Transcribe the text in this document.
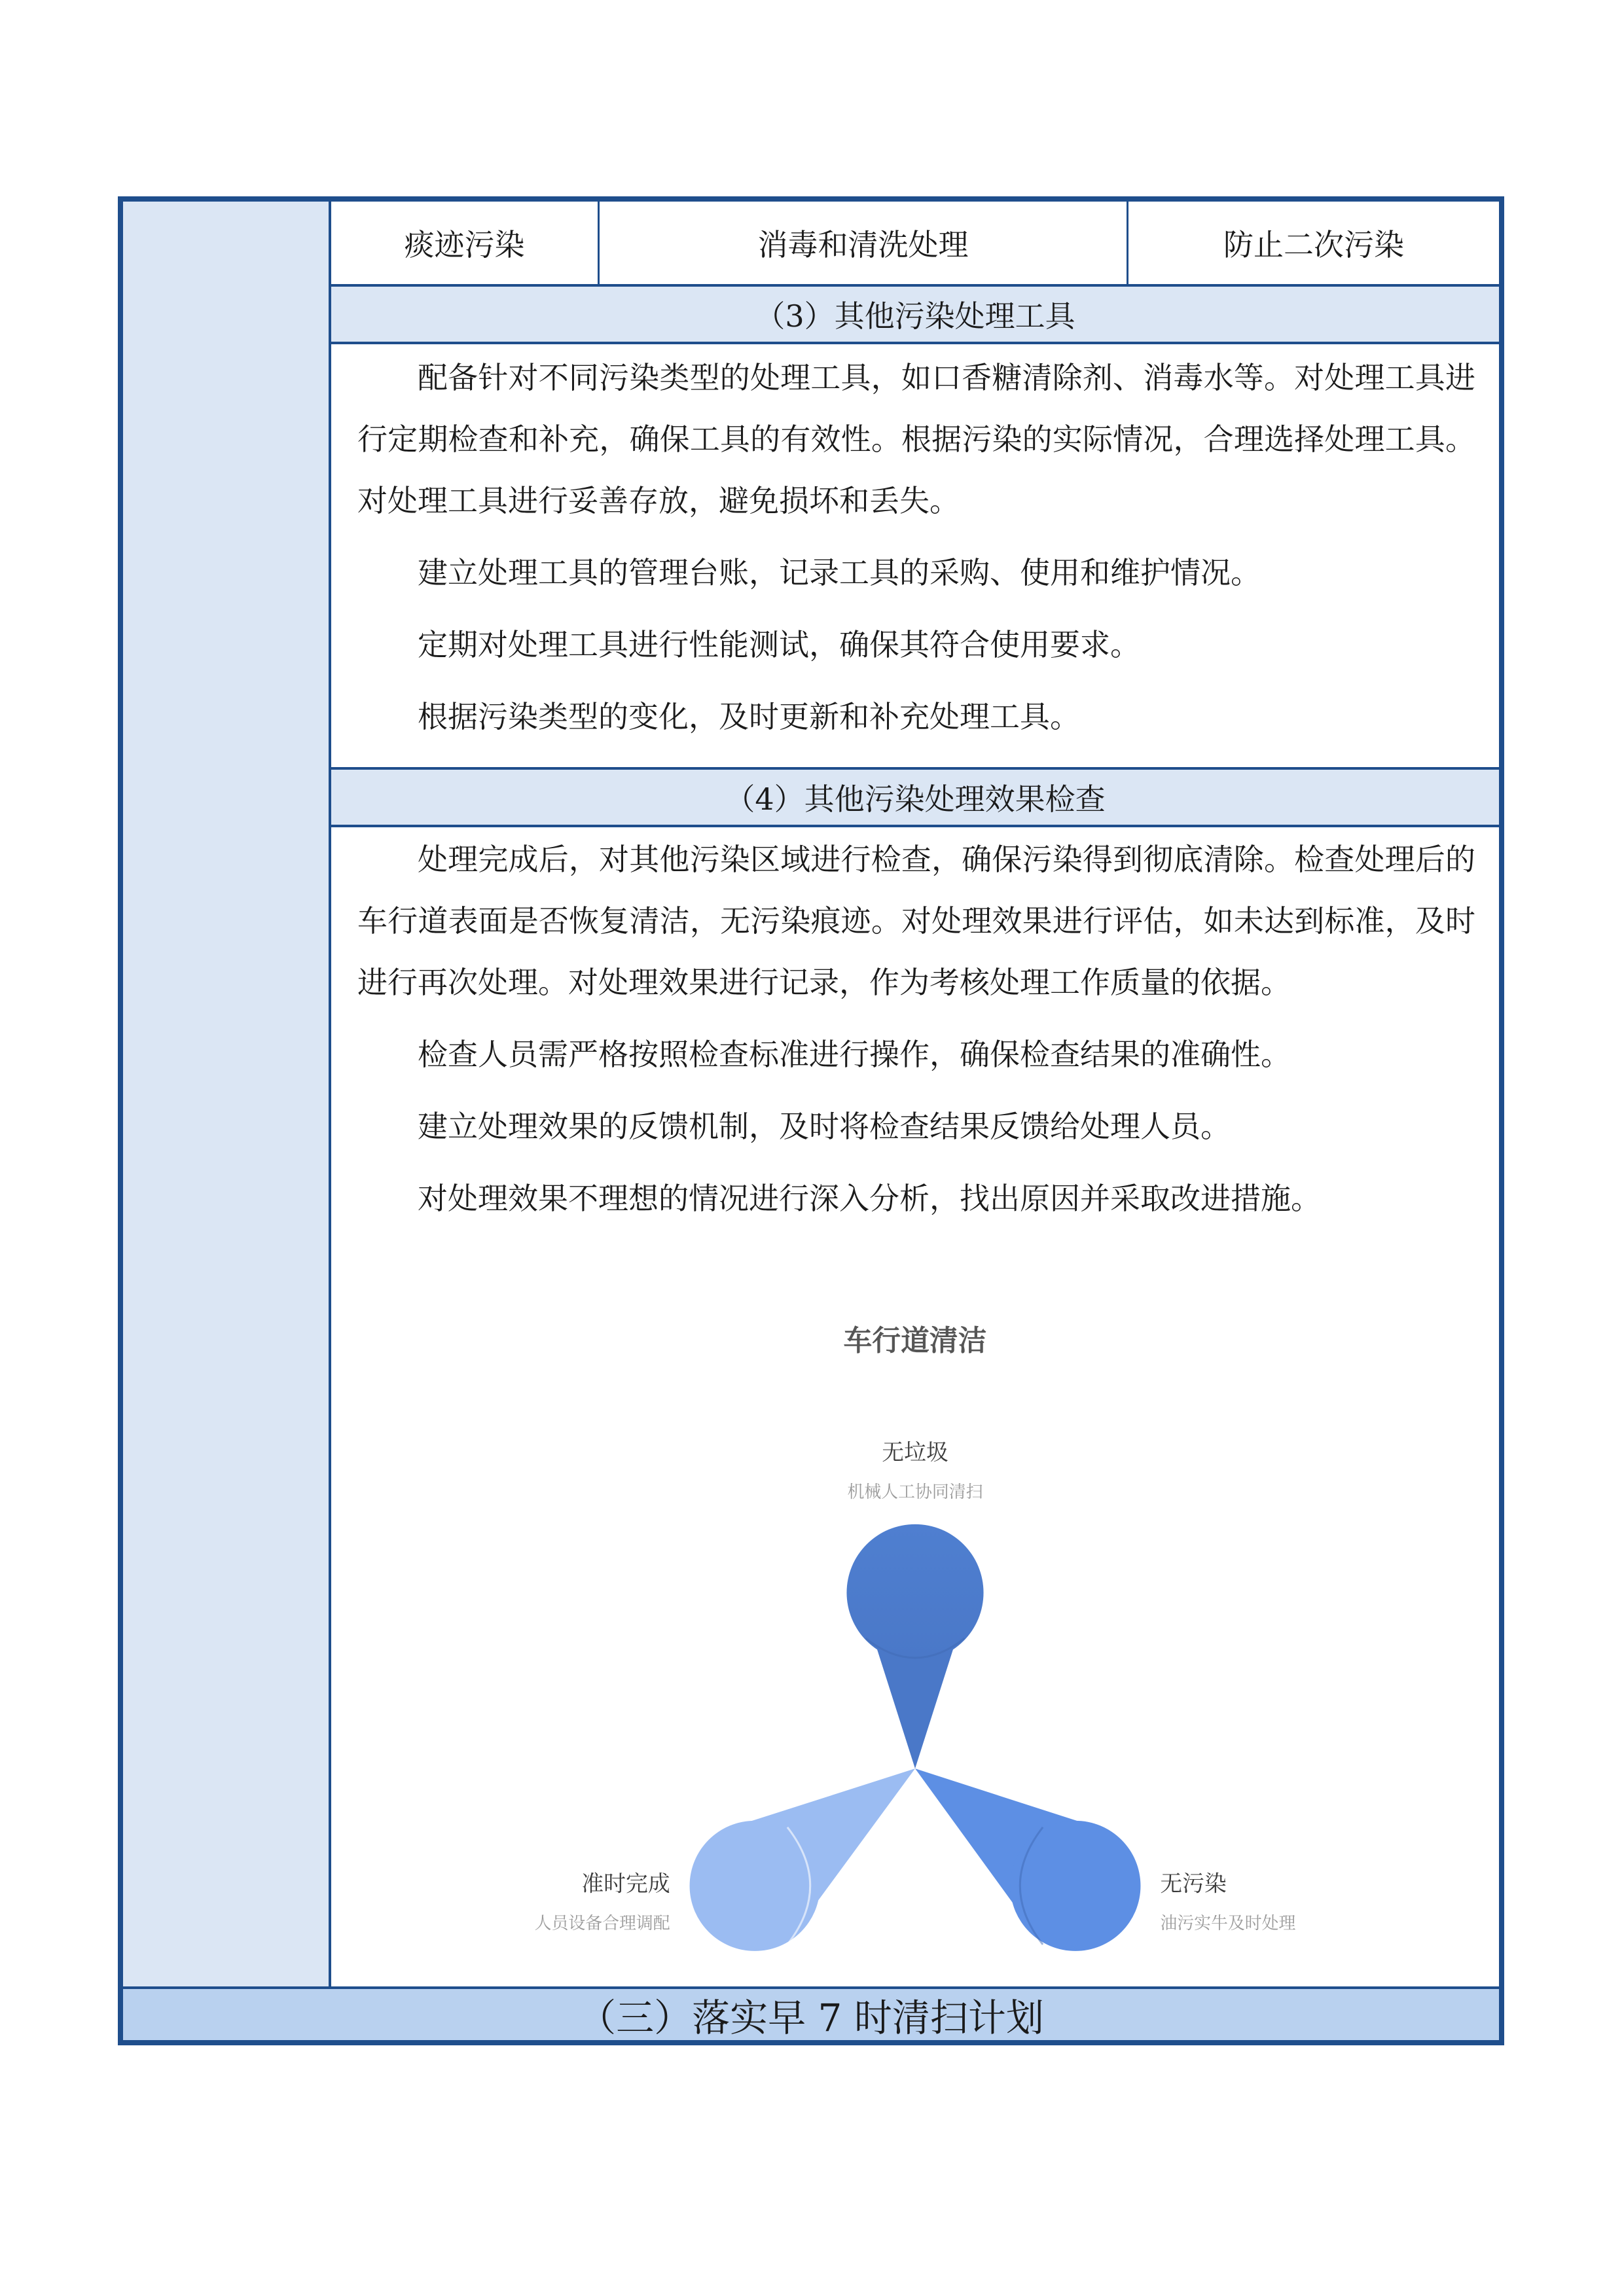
痰迹污染	消毒和清洗处理	防止二次污染
（3）其他污染处理工具

配备针对不同污染类型的处理工具，如口香糖清除剂、消毒水等。对处理工具进行定期检查和补充，确保工具的有效性。根据污染的实际情况，合理选择处理工具。对处理工具进行妥善存放，避免损坏和丢失。

建立处理工具的管理台账，记录工具的采购、使用和维护情况。

定期对处理工具进行性能测试，确保其符合使用要求。

根据污染类型的变化，及时更新和补充处理工具。

（4）其他污染处理效果检查

处理完成后，对其他污染区域进行检查，确保污染得到彻底清除。检查处理后的车行道表面是否恢复清洁，无污染痕迹。对处理效果进行评估，如未达到标准，及时进行再次处理。对处理效果进行记录，作为考核处理工作质量的依据。

检查人员需严格按照检查标准进行操作，确保检查结果的准确性。

建立处理效果的反馈机制，及时将检查结果反馈给处理人员。

对处理效果不理想的情况进行深入分析，找出原因并采取改进措施。

车行道清洁
无垃圾
机械人工协同清扫
准时完成
人员设备合理调配
无污染
油污实牛及时处理
（三）落实早 7 时清扫计划
